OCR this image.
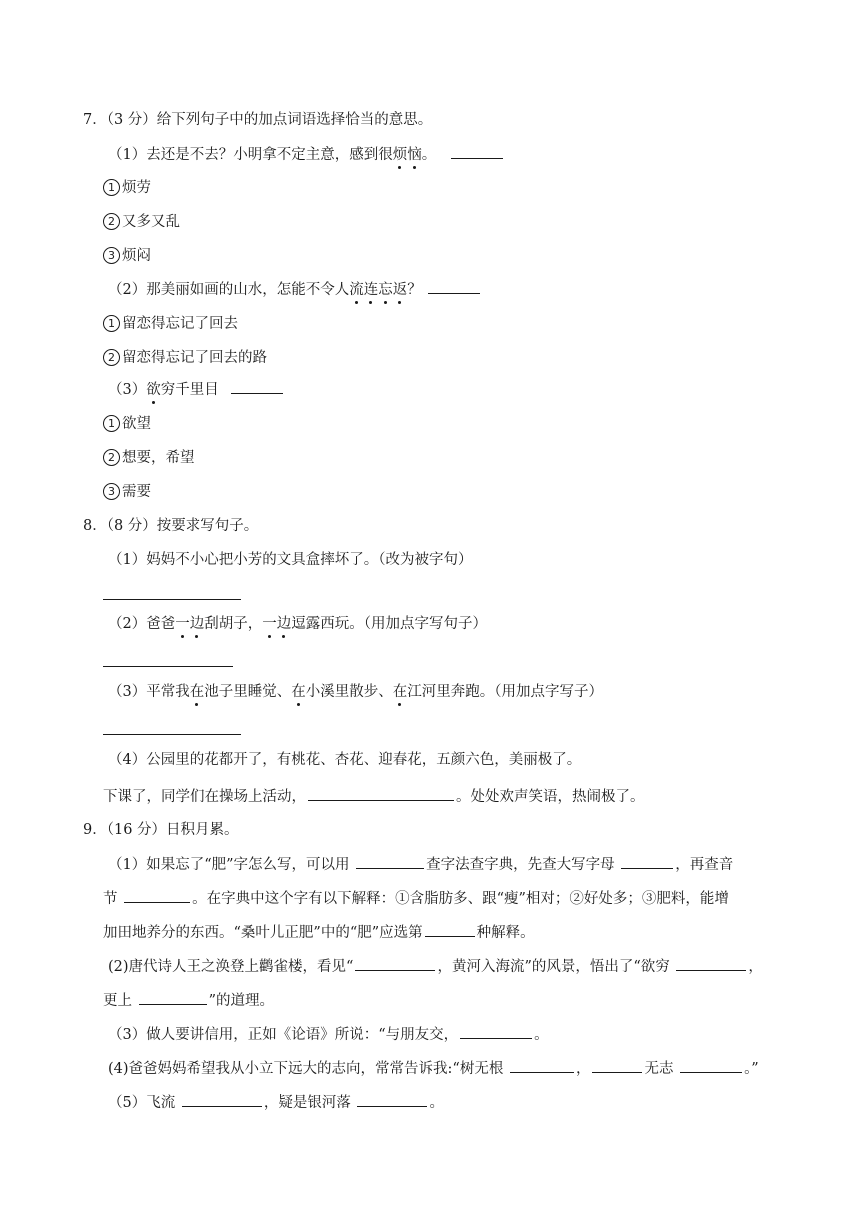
7．（3 分）给下列句子中的加点词语选择恰当的意思。
（1）去还是不去？小明拿不定主意，感到很烦恼。
1 烦劳
2 又多又乱
3 烦闷
（2）那美丽如画的山水，怎能不令人流连忘返？
1 留恋得忘记了回去
2 留恋得忘记了回去的路
（3）欲穷千里目
1 欲望
2 想要，希望
3 需要
8．（8 分）按要求写句子。
（1）妈妈不小心把小芳的文具盒摔坏了。（改为被字句）
（2）爸爸一边刮胡子，一边逗露西玩。（用加点字写句子）
（3）平常我在池子里睡觉、在小溪里散步、在江河里奔跑。（用加点字写子）
（4）公园里的花都开了，有桃花、杏花、迎春花，五颜六色，美丽极了。
下课了，同学们在操场上活动，	。处处欢声笑语，热闹极了。
9．（16 分）日积月累。
（1）如果忘了“肥”字怎么写，可以用	查字法查字典，先查大写字母	，再查音
节	。在字典中这个字有以下解释：①含脂肪多、跟“瘦”相对；②好处多；③肥料，能增
加田地养分的东西。“桑叶儿正肥”中的“肥”应选第	种解释。
(2)唐代诗人王之涣登上鹳雀楼，看见“	，黄河入海流”的风景，悟出了“欲穷	，
更上	”的道理。
（3）做人要讲信用，正如《论语》所说：“与朋友交，	。
(4)爸爸妈妈希望我从小立下远大的志向，常常告诉我:“树无根	，	无志	。”
（5）飞流	，疑是银河落	。
